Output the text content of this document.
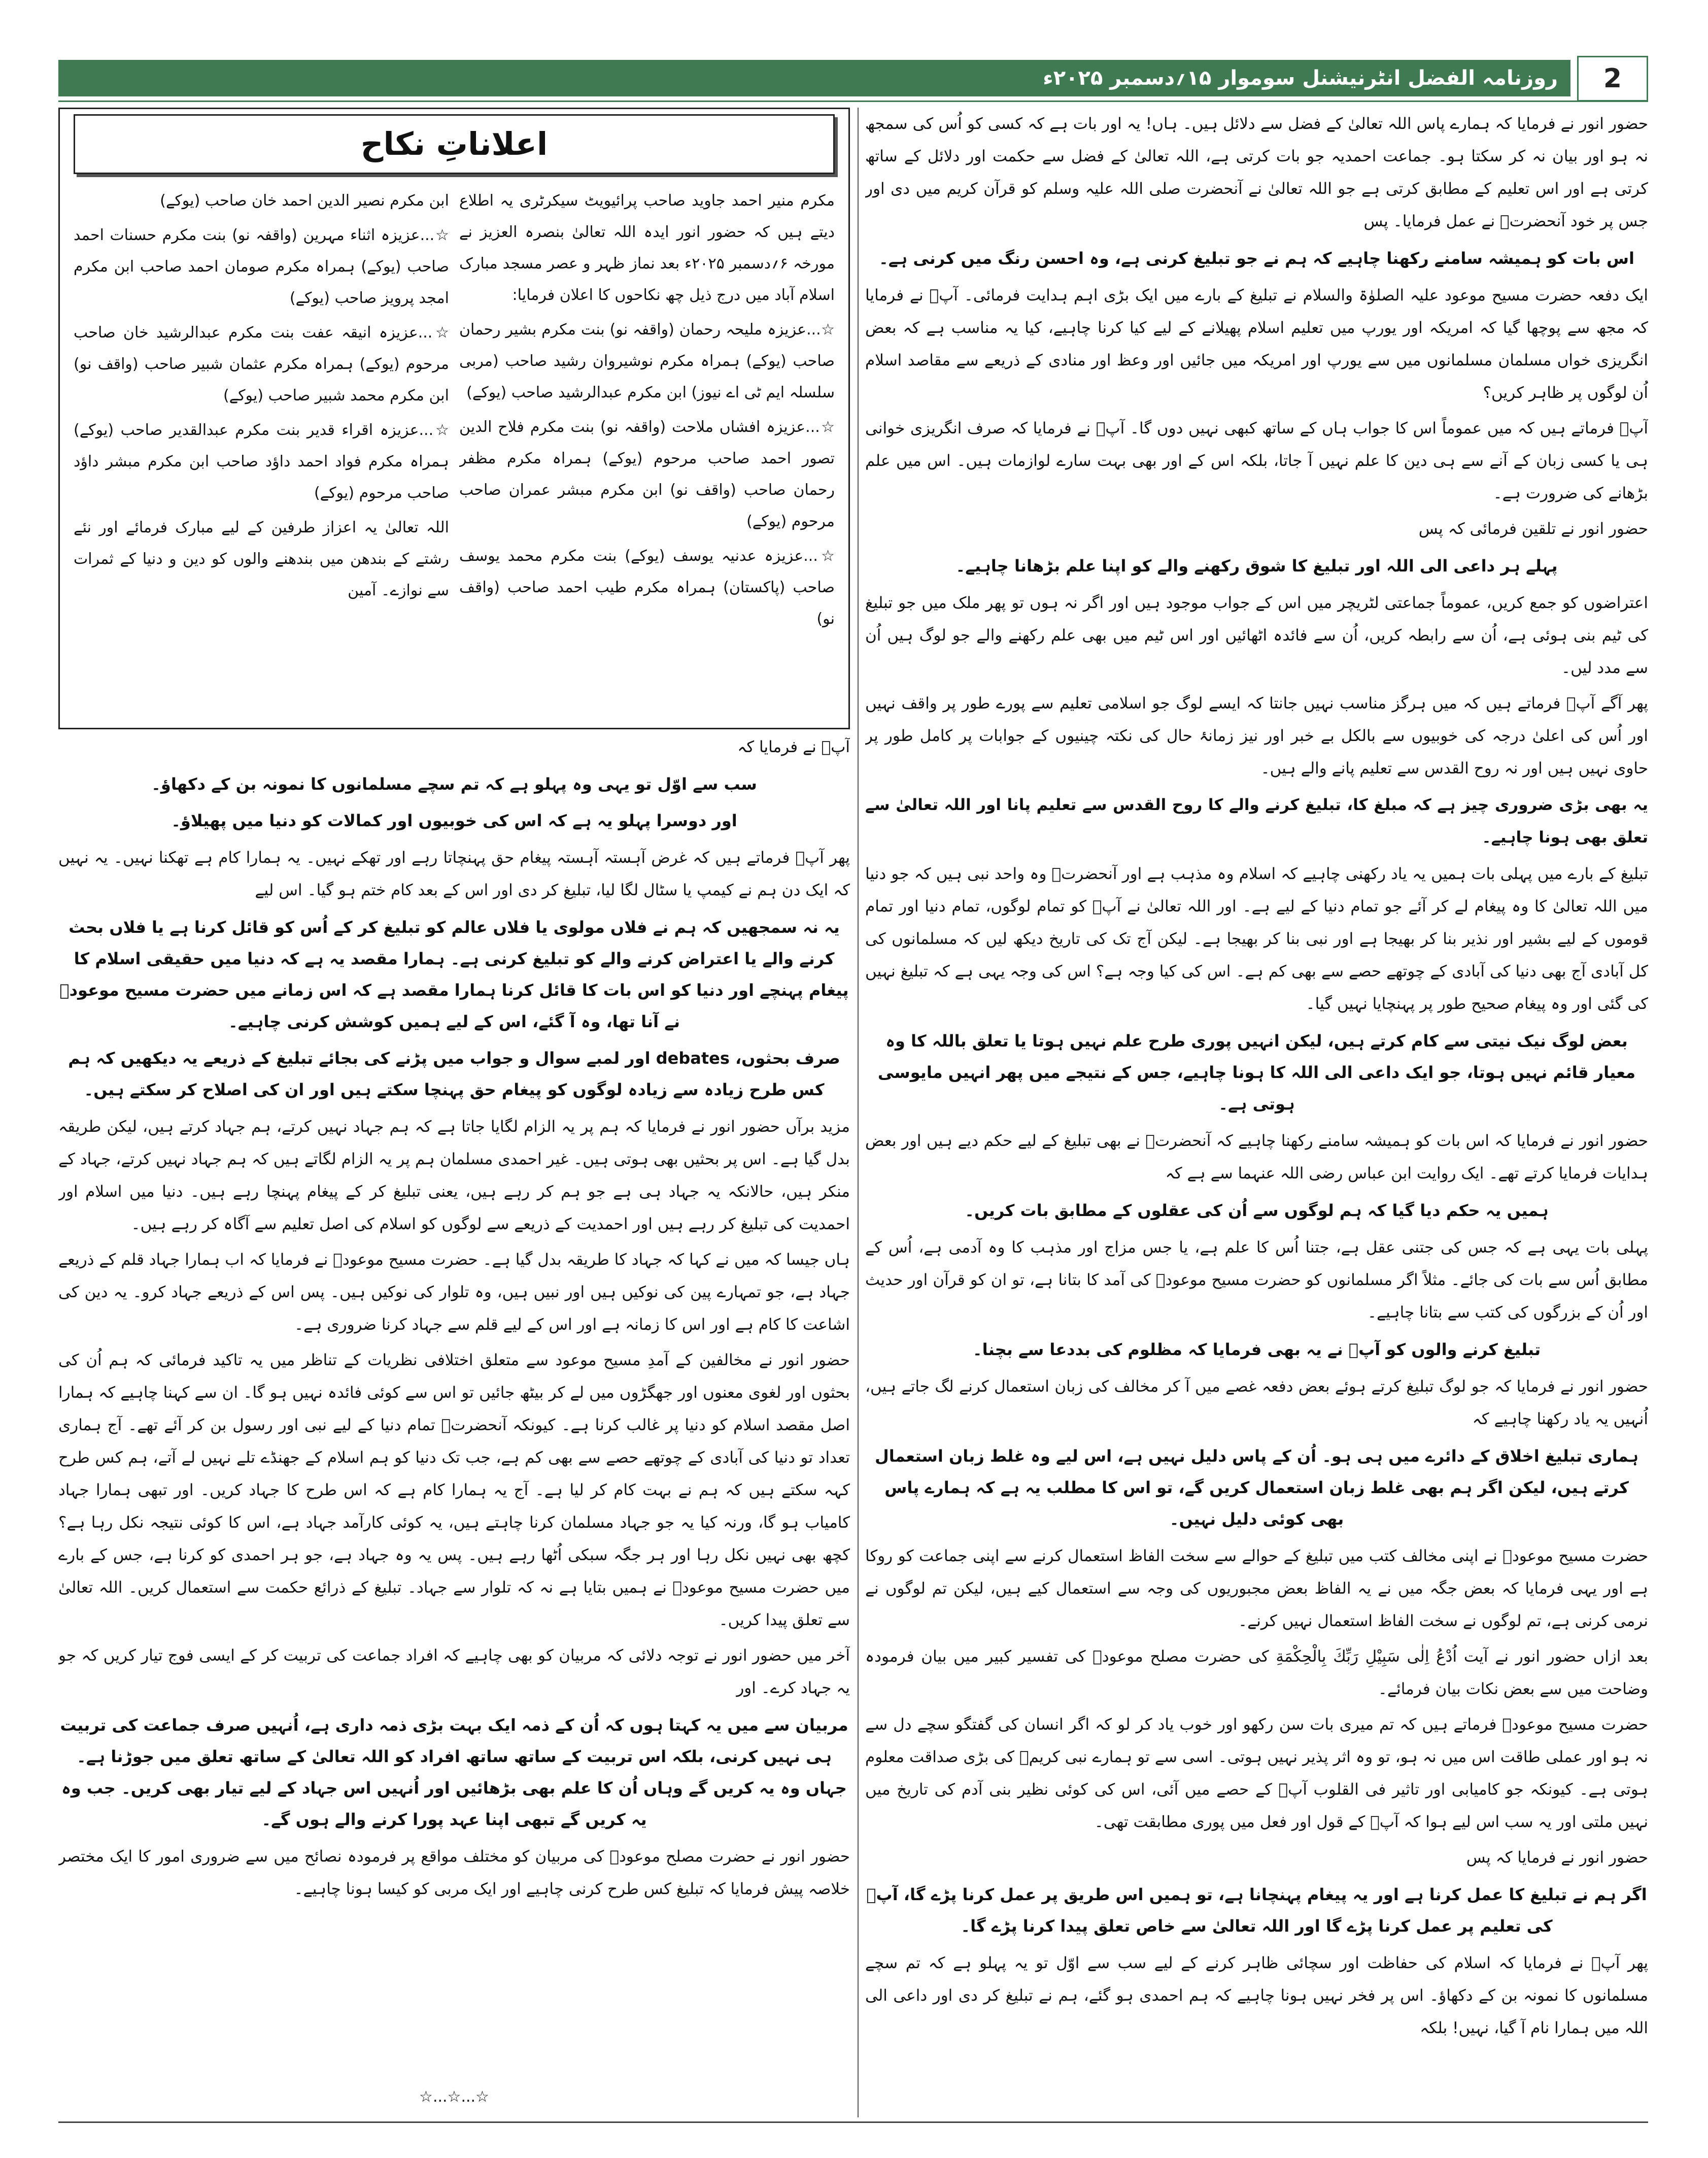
روزنامہ الفضل انٹرنیشنل سوموار ۱۵؍دسمبر ۲۰۲۵ء	2

حضور انور نے فرمایا کہ ہمارے پاس اللہ تعالیٰ کے فضل سے دلائل ہیں۔ ہاں! یہ اور بات ہے کہ کسی کو اُس کی سمجھ نہ ہو اور بیان نہ کر سکتا ہو۔ جماعت احمدیہ جو بات کرتی ہے، اللہ تعالیٰ کے فضل سے حکمت اور دلائل کے ساتھ کرتی ہے اور اس تعلیم کے مطابق کرتی ہے جو اللہ تعالیٰ نے آنحضرت صلی اللہ علیہ وسلم کو قرآن کریم میں دی اور جس پر خود آنحضرتؐ نے عمل فرمایا۔ پس

اس بات کو ہمیشہ سامنے رکھنا چاہیے کہ ہم نے جو تبلیغ کرنی ہے، وہ احسن رنگ میں کرنی ہے۔

ایک دفعہ حضرت مسیح موعود علیہ الصلوٰۃ والسلام نے تبلیغ کے بارے میں ایک بڑی اہم ہدایت فرمائی۔ آپؑ نے فرمایا کہ مجھ سے پوچھا گیا کہ امریکہ اور یورپ میں تعلیم اسلام پھیلانے کے لیے کیا کرنا چاہیے، کیا یہ مناسب ہے کہ بعض انگریزی خواں مسلمان مسلمانوں میں سے یورپ اور امریکہ میں جائیں اور وعظ اور منادی کے ذریعے سے مقاصد اسلام اُن لوگوں پر ظاہر کریں؟

آپؑ فرماتے ہیں کہ میں عموماً اس کا جواب ہاں کے ساتھ کبھی نہیں دوں گا۔ آپؑ نے فرمایا کہ صرف انگریزی خوانی ہی یا کسی زبان کے آنے سے ہی دین کا علم نہیں آ جاتا، بلکہ اس کے اور بھی بہت سارے لوازمات ہیں۔ اس میں علم بڑھانے کی ضرورت ہے۔

حضور انور نے تلقین فرمائی کہ پس

پہلے ہر داعی الی اللہ اور تبلیغ کا شوق رکھنے والے کو اپنا علم بڑھانا چاہیے۔

اعتراضوں کو جمع کریں، عموماً جماعتی لٹریچر میں اس کے جواب موجود ہیں اور اگر نہ ہوں تو پھر ملک میں جو تبلیغ کی ٹیم بنی ہوئی ہے، اُن سے رابطہ کریں، اُن سے فائدہ اٹھائیں اور اس ٹیم میں بھی علم رکھنے والے جو لوگ ہیں اُن سے مدد لیں۔

پھر آگے آپؑ فرماتے ہیں کہ میں ہرگز مناسب نہیں جانتا کہ ایسے لوگ جو اسلامی تعلیم سے پورے طور پر واقف نہیں اور اُس کی اعلیٰ درجہ کی خوبیوں سے بالکل بے خبر اور نیز زمانۂ حال کی نکتہ چینیوں کے جوابات پر کامل طور پر حاوی نہیں ہیں اور نہ روح القدس سے تعلیم پانے والے ہیں۔

یہ بھی بڑی ضروری چیز ہے کہ مبلغ کا، تبلیغ کرنے والے کا روح القدس سے تعلیم پانا اور اللہ تعالیٰ سے تعلق بھی ہونا چاہیے۔

تبلیغ کے بارے میں پہلی بات ہمیں یہ یاد رکھنی چاہیے کہ اسلام وہ مذہب ہے اور آنحضرتؐ وہ واحد نبی ہیں کہ جو دنیا میں اللہ تعالیٰ کا وہ پیغام لے کر آئے جو تمام دنیا کے لیے ہے۔ اور اللہ تعالیٰ نے آپؐ کو تمام لوگوں، تمام دنیا اور تمام قوموں کے لیے بشیر اور نذیر بنا کر بھیجا ہے اور نبی بنا کر بھیجا ہے۔ لیکن آج تک کی تاریخ دیکھ لیں کہ مسلمانوں کی کل آبادی آج بھی دنیا کی آبادی کے چوتھے حصے سے بھی کم ہے۔ اس کی کیا وجہ ہے؟ اس کی وجہ یہی ہے کہ تبلیغ نہیں کی گئی اور وہ پیغام صحیح طور پر پہنچایا نہیں گیا۔

بعض لوگ نیک نیتی سے کام کرتے ہیں، لیکن انہیں پوری طرح علم نہیں ہوتا یا تعلق باللہ کا وہ معیار قائم نہیں ہوتا، جو ایک داعی الی اللہ کا ہونا چاہیے، جس کے نتیجے میں پھر انہیں مایوسی ہوتی ہے۔

حضور انور نے فرمایا کہ اس بات کو ہمیشہ سامنے رکھنا چاہیے کہ آنحضرتؐ نے بھی تبلیغ کے لیے حکم دیے ہیں اور بعض ہدایات فرمایا کرتے تھے۔ ایک روایت ابن عباس رضی اللہ عنہما سے ہے کہ

ہمیں یہ حکم دیا گیا کہ ہم لوگوں سے اُن کی عقلوں کے مطابق بات کریں۔

پہلی بات یہی ہے کہ جس کی جتنی عقل ہے، جتنا اُس کا علم ہے، یا جس مزاج اور مذہب کا وہ آدمی ہے، اُس کے مطابق اُس سے بات کی جائے۔ مثلاً اگر مسلمانوں کو حضرت مسیح موعودؑ کی آمد کا بتانا ہے، تو ان کو قرآن اور حدیث اور اُن کے بزرگوں کی کتب سے بتانا چاہیے۔

تبلیغ کرنے والوں کو آپؐ نے یہ بھی فرمایا کہ مظلوم کی بددعا سے بچنا۔

حضور انور نے فرمایا کہ جو لوگ تبلیغ کرتے ہوئے بعض دفعہ غصے میں آ کر مخالف کی زبان استعمال کرنے لگ جاتے ہیں، اُنہیں یہ یاد رکھنا چاہیے کہ

ہماری تبلیغ اخلاق کے دائرے میں ہی ہو۔ اُن کے پاس دلیل نہیں ہے، اس لیے وہ غلط زبان استعمال کرتے ہیں، لیکن اگر ہم بھی غلط زبان استعمال کریں گے، تو اس کا مطلب یہ ہے کہ ہمارے پاس بھی کوئی دلیل نہیں۔

حضرت مسیح موعودؑ نے اپنی مخالف کتب میں تبلیغ کے حوالے سے سخت الفاظ استعمال کرنے سے اپنی جماعت کو روکا ہے اور یہی فرمایا کہ بعض جگہ میں نے یہ الفاظ بعض مجبوریوں کی وجہ سے استعمال کیے ہیں، لیکن تم لوگوں نے نرمی کرنی ہے، تم لوگوں نے سخت الفاظ استعمال نہیں کرنے۔

بعد ازاں حضور انور نے آیت اُدْعُ اِلٰى سَبِيْلِ رَبِّكَ بِالْحِكْمَةِ کی حضرت مصلح موعودؓ کی تفسیر کبیر میں بیان فرمودہ وضاحت میں سے بعض نکات بیان فرمائے۔

حضرت مسیح موعودؑ فرماتے ہیں کہ تم میری بات سن رکھو اور خوب یاد کر لو کہ اگر انسان کی گفتگو سچے دل سے نہ ہو اور عملی طاقت اس میں نہ ہو، تو وہ اثر پذیر نہیں ہوتی۔ اسی سے تو ہمارے نبی کریمؐ کی بڑی صداقت معلوم ہوتی ہے۔ کیونکہ جو کامیابی اور تاثیر فی القلوب آپؐ کے حصے میں آئی، اس کی کوئی نظیر بنی آدم کی تاریخ میں نہیں ملتی اور یہ سب اس لیے ہوا کہ آپؐ کے قول اور فعل میں پوری مطابقت تھی۔

حضور انور نے فرمایا کہ پس

اگر ہم نے تبلیغ کا عمل کرنا ہے اور یہ پیغام پہنچانا ہے، تو ہمیں اس طریق پر عمل کرنا پڑے گا، آپؐ کی تعلیم پر عمل کرنا پڑے گا اور اللہ تعالیٰ سے خاص تعلق پیدا کرنا پڑے گا۔

پھر آپؑ نے فرمایا کہ اسلام کی حفاظت اور سچائی ظاہر کرنے کے لیے سب سے اوّل تو یہ پہلو ہے کہ تم سچے مسلمانوں کا نمونہ بن کے دکھاؤ۔ اس پر فخر نہیں ہونا چاہیے کہ ہم احمدی ہو گئے، ہم نے تبلیغ کر دی اور داعی الی اللہ میں ہمارا نام آ گیا، نہیں! بلکہ

اعلاناتِ نکاح

مکرم منیر احمد جاوید صاحب پرائیویٹ سیکرٹری یہ اطلاع دیتے ہیں کہ حضور انور ایدہ اللہ تعالیٰ بنصرہ العزیز نے مورخہ ۶؍دسمبر ۲۰۲۵ء بعد نماز ظہر و عصر مسجد مبارک اسلام آباد میں درج ذیل چھ نکاحوں کا اعلان فرمایا:

☆...عزیزہ ملیحہ رحمان (واقفہ نو) بنت مکرم بشیر رحمان صاحب (یوکے) ہمراہ مکرم نوشیروان رشید صاحب (مربی سلسلہ ایم ٹی اے نیوز) ابن مکرم عبدالرشید صاحب (یوکے)

☆...عزیزہ افشاں ملاحت (واقفہ نو) بنت مکرم فلاح الدین تصور احمد صاحب مرحوم (یوکے) ہمراہ مکرم مظفر رحمان صاحب (واقف نو) ابن مکرم مبشر عمران صاحب مرحوم (یوکے)

☆...عزیزہ عدنیہ یوسف (یوکے) بنت مکرم محمد یوسف صاحب (پاکستان) ہمراہ مکرم طیب احمد صاحب (واقف نو)

ابن مکرم نصیر الدین احمد خان صاحب (یوکے)

☆...عزیزہ اثناء مہرین (واقفہ نو) بنت مکرم حسنات احمد صاحب (یوکے) ہمراہ مکرم صومان احمد صاحب ابن مکرم امجد پرویز صاحب (یوکے)

☆...عزیزہ انیقہ عفت بنت مکرم عبدالرشید خان صاحب مرحوم (یوکے) ہمراہ مکرم عثمان شبیر صاحب (واقف نو) ابن مکرم محمد شبیر صاحب (یوکے)

☆...عزیزہ اقراء قدیر بنت مکرم عبدالقدیر صاحب (یوکے) ہمراہ مکرم فواد احمد داؤد صاحب ابن مکرم مبشر داؤد صاحب مرحوم (یوکے)

اللہ تعالیٰ یہ اعزاز طرفین کے لیے مبارک فرمائے اور نئے رشتے کے بندھن میں بندھنے والوں کو دین و دنیا کے ثمرات سے نوازے۔ آمین

آپؑ نے فرمایا کہ

سب سے اوّل تو یہی وہ پہلو ہے کہ تم سچے مسلمانوں کا نمونہ بن کے دکھاؤ۔

اور دوسرا پہلو یہ ہے کہ اس کی خوبیوں اور کمالات کو دنیا میں پھیلاؤ۔

پھر آپؑ فرماتے ہیں کہ غرض آہستہ آہستہ پیغام حق پہنچاتا رہے اور تھکے نہیں۔ یہ ہمارا کام ہے تھکنا نہیں۔ یہ نہیں کہ ایک دن ہم نے کیمپ یا سٹال لگا لیا، تبلیغ کر دی اور اس کے بعد کام ختم ہو گیا۔ اس لیے

یہ نہ سمجھیں کہ ہم نے فلاں مولوی یا فلاں عالم کو تبلیغ کر کے اُس کو قائل کرنا ہے یا فلاں بحث کرنے والے یا اعتراض کرنے والے کو تبلیغ کرنی ہے۔ ہمارا مقصد یہ ہے کہ دنیا میں حقیقی اسلام کا پیغام پہنچے اور دنیا کو اس بات کا قائل کرنا ہمارا مقصد ہے کہ اس زمانے میں حضرت مسیح موعودؑ نے آنا تھا، وہ آ گئے، اس کے لیے ہمیں کوشش کرنی چاہیے۔

صرف بحثوں، debates اور لمبے سوال و جواب میں پڑنے کی بجائے تبلیغ کے ذریعے یہ دیکھیں کہ ہم کس طرح زیادہ سے زیادہ لوگوں کو پیغام حق پہنچا سکتے ہیں اور ان کی اصلاح کر سکتے ہیں۔

مزید برآں حضور انور نے فرمایا کہ ہم پر یہ الزام لگایا جاتا ہے کہ ہم جہاد نہیں کرتے، ہم جہاد کرتے ہیں، لیکن طریقہ بدل گیا ہے۔ اس پر بحثیں بھی ہوتی ہیں۔ غیر احمدی مسلمان ہم پر یہ الزام لگاتے ہیں کہ ہم جہاد نہیں کرتے، جہاد کے منکر ہیں، حالانکہ یہ جہاد ہی ہے جو ہم کر رہے ہیں، یعنی تبلیغ کر کے پیغام پہنچا رہے ہیں۔ دنیا میں اسلام اور احمدیت کی تبلیغ کر رہے ہیں اور احمدیت کے ذریعے سے لوگوں کو اسلام کی اصل تعلیم سے آگاہ کر رہے ہیں۔

ہاں جیسا کہ میں نے کہا کہ جہاد کا طریقہ بدل گیا ہے۔ حضرت مسیح موعودؑ نے فرمایا کہ اب ہمارا جہاد قلم کے ذریعے جہاد ہے، جو تمہارے پین کی نوکیں ہیں اور نبیں ہیں، وہ تلوار کی نوکیں ہیں۔ پس اس کے ذریعے جہاد کرو۔ یہ دین کی اشاعت کا کام ہے اور اس کا زمانہ ہے اور اس کے لیے قلم سے جہاد کرنا ضروری ہے۔

حضور انور نے مخالفین کے آمدِ مسیح موعود سے متعلق اختلافی نظریات کے تناظر میں یہ تاکید فرمائی کہ ہم اُن کی بحثوں اور لغوی معنوں اور جھگڑوں میں لے کر بیٹھ جائیں تو اس سے کوئی فائدہ نہیں ہو گا۔ ان سے کہنا چاہیے کہ ہمارا اصل مقصد اسلام کو دنیا پر غالب کرنا ہے۔ کیونکہ آنحضرتؐ تمام دنیا کے لیے نبی اور رسول بن کر آئے تھے۔ آج ہماری تعداد تو دنیا کی آبادی کے چوتھے حصے سے بھی کم ہے، جب تک دنیا کو ہم اسلام کے جھنڈے تلے نہیں لے آتے، ہم کس طرح کہہ سکتے ہیں کہ ہم نے بہت کام کر لیا ہے۔ آج یہ ہمارا کام ہے کہ اس طرح کا جہاد کریں۔ اور تبھی ہمارا جہاد کامیاب ہو گا، ورنہ کیا یہ جو جہاد مسلمان کرنا چاہتے ہیں، یہ کوئی کارآمد جہاد ہے، اس کا کوئی نتیجہ نکل رہا ہے؟ کچھ بھی نہیں نکل رہا اور ہر جگہ سبکی اُٹھا رہے ہیں۔ پس یہ وہ جہاد ہے، جو ہر احمدی کو کرنا ہے، جس کے بارے میں حضرت مسیح موعودؑ نے ہمیں بتایا ہے نہ کہ تلوار سے جہاد۔ تبلیغ کے ذرائع حکمت سے استعمال کریں۔ اللہ تعالیٰ سے تعلق پیدا کریں۔

آخر میں حضور انور نے توجہ دلائی کہ مربیان کو بھی چاہیے کہ افراد جماعت کی تربیت کر کے ایسی فوج تیار کریں کہ جو یہ جہاد کرے۔ اور

مربیان سے میں یہ کہتا ہوں کہ اُن کے ذمہ ایک بہت بڑی ذمہ داری ہے، اُنہیں صرف جماعت کی تربیت ہی نہیں کرنی، بلکہ اس تربیت کے ساتھ ساتھ افراد کو اللہ تعالیٰ کے ساتھ تعلق میں جوڑنا ہے۔ جہاں وہ یہ کریں گے وہاں اُن کا علم بھی بڑھائیں اور اُنہیں اس جہاد کے لیے تیار بھی کریں۔ جب وہ یہ کریں گے تبھی اپنا عہد پورا کرنے والے ہوں گے۔

حضور انور نے حضرت مصلح موعودؓ کی مربیان کو مختلف مواقع پر فرمودہ نصائح میں سے ضروری امور کا ایک مختصر خلاصہ پیش فرمایا کہ تبلیغ کس طرح کرنی چاہیے اور ایک مربی کو کیسا ہونا چاہیے۔

☆...☆...☆
